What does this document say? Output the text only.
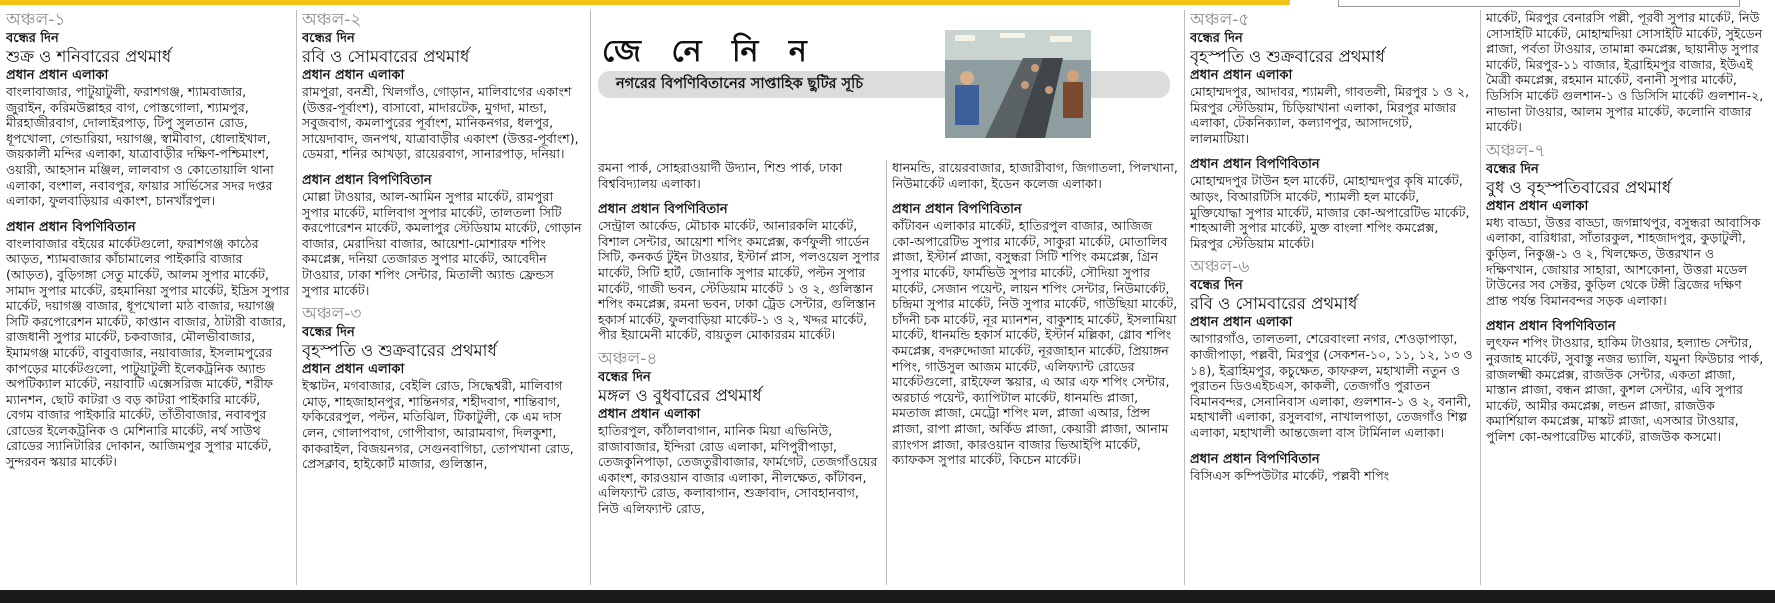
অঞ্চল-১
বন্ধের দিন
শুক্র ও শনিবারের প্রথমার্ধ
প্রধান প্রধান এলাকা
বাংলাবাজার, পাটুয়াটুলী, ফরাশগঞ্জ, শ্যামবাজার, জুরাইন, করিমউল্লাহর বাগ, পোস্তগোলা, শ্যামপুর, মীরহাজীরবাগ, দোলাইরপাড়, টিপু সুলতান রোড, ধূপখোলা, গেন্ডারিয়া, দয়াগঞ্জ, স্বামীবাগ, ধোলাইখাল, জয়কালী মন্দির এলাকা, যাত্রাবাড়ীর দক্ষিণ-পশ্চিমাংশ, ওয়ারী, আহসান মঞ্জিল, লালবাগ ও কোতোয়ালি থানা এলাকা, বংশাল, নবাবপুর, ফায়ার সার্ভিসের সদর দপ্তর এলাকা, ফুলবাড়িয়ার একাংশ, চানখাঁরপুল।
প্রধান প্রধান বিপণিবিতান
বাংলাবাজার বইয়ের মার্কেটগুলো, ফরাশগঞ্জ কাঠের আড়ত, শ্যামবাজার কাঁচামালের পাইকারি বাজার (আড়ত), বুড়িগঙ্গা সেতু মার্কেট, আলম সুপার মার্কেট, সামাদ সুপার মার্কেট, রহমানিয়া সুপার মার্কেট, ইদ্রিস সুপার মার্কেট, দয়াগঞ্জ বাজার, ধূপখোলা মাঠ বাজার, দয়াগঞ্জ সিটি করপোরেশন মার্কেট, কাপ্তান বাজার, ঠাটারী বাজার, রাজধানী সুপার মার্কেট, চকবাজার, মৌলভীবাজার, ইমামগঞ্জ মার্কেট, বাবুবাজার, নয়াবাজার, ইসলামপুরের কাপড়ের মার্কেটগুলো, পাটুয়াটুলী ইলেকট্রনিক অ্যান্ড অপটিক্যাল মার্কেট, নয়াবাটি এক্সেসরিজ মার্কেট, শরীফ ম্যানশন, ছোট কাটরা ও বড় কাটরা পাইকারি মার্কেট, বেগম বাজার পাইকারি মার্কেট, তাঁতীবাজার, নবাবপুর রোডের ইলেকট্রনিক ও মেশিনারি মার্কেট, নর্থ সাউথ রোডের স্যানিটারির দোকান, আজিমপুর সুপার মার্কেট, সুন্দরবন স্কয়ার মার্কেট।
অঞ্চল-২
বন্ধের দিন
রবি ও সোমবারের প্রথমার্ধ
প্রধান প্রধান এলাকা
রামপুরা, বনশ্রী, খিলগাঁও, গোড়ান, মালিবাগের একাংশ (উত্তর-পূর্বাংশ), বাসাবো, মাদারটেক, মুগদা, মান্ডা, সবুজবাগ, কমলাপুরের পূর্বাংশ, মানিকনগর, ধলপুর, সায়েদাবাদ, জনপথ, যাত্রাবাড়ীর একাংশ (উত্তর-পূর্বাংশ), ডেমরা, শনির আখড়া, রায়েরবাগ, সানারপাড়, দনিয়া।
প্রধান প্রধান বিপণিবিতান
মোল্লা টাওয়ার, আল-আমিন সুপার মার্কেট, রামপুরা সুপার মার্কেট, মালিবাগ সুপার মার্কেট, তালতলা সিটি করপোরেশন মার্কেট, কমলাপুর স্টেডিয়াম মার্কেট, গোড়ান বাজার, মেরাদিয়া বাজার, আয়েশা-মোশারফ শপিং কমপ্লেক্স, দনিয়া তেজারত সুপার মার্কেট, আবেদীন টাওয়ার, ঢাকা শপিং সেন্টার, মিতালী অ্যান্ড ফ্রেন্ডস সুপার মার্কেট।
অঞ্চল-৩
বন্ধের দিন
বৃহস্পতি ও শুক্রবারের প্রথমার্ধ
প্রধান প্রধান এলাকা
ইস্কাটন, মগবাজার, বেইলি রোড, সিদ্ধেশ্বরী, মালিবাগ মোড়, শাহজাহানপুর, শান্তিনগর, শহীদবাগ, শান্তিবাগ, ফকিরেরপুল, পল্টন, মতিঝিল, টিকাটুলী, কে এম দাস লেন, গোলাপবাগ, গোপীবাগ, আরামবাগ, দিলকুশা, কাকরাইল, বিজয়নগর, সেগুনবাগিচা, তোপখানা রোড, প্রেসক্লাব, হাইকোর্ট মাজার, গুলিস্তান,
জে নে নি ন
নগরের বিপণিবিতানের সাপ্তাহিক ছুটির সূচি
রমনা পার্ক, সোহরাওয়ার্দী উদ্যান, শিশু পার্ক, ঢাকা বিশ্ববিদ্যালয় এলাকা।
প্রধান প্রধান বিপণিবিতান
সেন্ট্রাল আর্কেড, মৌচাক মার্কেট, আনারকলি মার্কেট, বিশাল সেন্টার, আয়েশা শপিং কমপ্লেক্স, কর্ণফুলী গার্ডেন সিটি, কনকর্ড টুইন টাওয়ার, ইস্টার্ন প্লাস, পলওয়েল সুপার মার্কেট, সিটি হার্ট, জোনাকি সুপার মার্কেট, পল্টন সুপার মার্কেট, গাজী ভবন, স্টেডিয়াম মার্কেট ১ ও ২, গুলিস্তান শপিং কমপ্লেক্স, রমনা ভবন, ঢাকা ট্রেড সেন্টার, গুলিস্তান হকার্স মার্কেট, ফুলবাড়িয়া মার্কেট-১ ও ২, খদ্দর মার্কেট, পীর ইয়ামেনী মার্কেট, বায়তুল মোকাররম মার্কেট।
অঞ্চল-৪
বন্ধের দিন
মঙ্গল ও বুধবারের প্রথমার্ধ
প্রধান প্রধান এলাকা
হাতিরপুল, কাঁঠালবাগান, মানিক মিয়া এভিনিউ, রাজাবাজার, ইন্দিরা রোড এলাকা, মণিপুরীপাড়া, তেজকুনিপাড়া, তেজতুরীবাজার, ফার্মগেট, তেজগাঁওয়ের একাংশ, কারওয়ান বাজার এলাকা, নীলক্ষেত, কাঁটাবন, এলিফ্যান্ট রোড, কলাবাগান, শুক্রাবাদ, সোবহানবাগ, নিউ এলিফ্যান্ট রোড,
ধানমন্ডি, রায়েরবাজার, হাজারীবাগ, জিগাতলা, পিলখানা, নিউমার্কেট এলাকা, ইডেন কলেজ এলাকা।
প্রধান প্রধান বিপণিবিতান
কাঁটাবন এলাকার মার্কেট, হাতিরপুল বাজার, আজিজ কো-অপারেটিভ সুপার মার্কেট, সাকুরা মার্কেট, মোতালিব প্লাজা, ইস্টার্ন প্লাজা, বসুন্ধরা সিটি শপিং কমপ্লেক্স, গ্রিন সুপার মার্কেট, ফার্মভিউ সুপার মার্কেট, সৌদিয়া সুপার মার্কেট, সেজান পয়েন্ট, লায়ন শপিং সেন্টার, নিউমার্কেট, চন্দ্রিমা সুপার মার্কেট, নিউ সুপার মার্কেট, গাউছিয়া মার্কেট, চাঁদনী চক মার্কেট, নূর ম্যানশন, বাকুশাহ মার্কেট, ইসলামিয়া মার্কেট, ধানমন্ডি হকার্স মার্কেট, ইস্টার্ন মল্লিকা, গ্লোব শপিং কমপ্লেক্স, বদরুদ্দোজা মার্কেট, নূরজাহান মার্কেট, প্রিয়াঙ্গন শপিং, গাউসুল আজম মার্কেট, এলিফ্যান্ট রোডের মার্কেটগুলো, রাইফেল স্কয়ার, এ আর এফ শপিং সেন্টার, অরচার্ড পয়েন্ট, ক্যাপিটাল মার্কেট, ধানমন্ডি প্লাজা, মমতাজ প্লাজা, মেট্রো শপিং মল, প্লাজা এআর, প্রিন্স প্লাজা, রাপা প্লাজা, অর্কিড প্লাজা, কেয়ারী প্লাজা, আনাম র‍্যাংগস প্লাজা, কারওয়ান বাজার ভিআইপি মার্কেট, ক্যাফকস সুপার মার্কেট, কিচেন মার্কেট।
অঞ্চল-৫
বন্ধের দিন
বৃহস্পতি ও শুক্রবারের প্রথমার্ধ
প্রধান প্রধান এলাকা
মোহাম্মদপুর, আদাবর, শ্যামলী, গাবতলী, মিরপুর ১ ও ২, মিরপুর স্টেডিয়াম, চিড়িয়াখানা এলাকা, মিরপুর মাজার এলাকা, টেকনিক্যাল, কল্যাণপুর, আসাদগেট, লালমাটিয়া।
প্রধান প্রধান বিপণিবিতান
মোহাম্মদপুর টাউন হল মার্কেট, মোহাম্মদপুর কৃষি মার্কেট, আড়ং, বিআরটিসি মার্কেট, শ্যামলী হল মার্কেট, মুক্তিযোদ্ধা সুপার মার্কেট, মাজার কো-অপারেটিভ মার্কেট, শাহআলী সুপার মার্কেট, মুক্ত বাংলা শপিং কমপ্লেক্স, মিরপুর স্টেডিয়াম মার্কেট।
অঞ্চল-৬
বন্ধের দিন
রবি ও সোমবারের প্রথমার্ধ
প্রধান প্রধান এলাকা
আগারগাঁও, তালতলা, শেরেবাংলা নগর, শেওড়াপাড়া, কাজীপাড়া, পল্লবী, মিরপুর (সেকশন-১০, ১১, ১২, ১৩ ও ১৪), ইব্রাহিমপুর, কচুক্ষেত, কাফরুল, মহাখালী নতুন ও পুরাতন ডিওএইচএস, কাকলী, তেজগাঁও পুরাতন বিমানবন্দর, সেনানিবাস এলাকা, গুলশান-১ ও ২, বনানী, মহাখালী এলাকা, রসুলবাগ, নাখালপাড়া, তেজগাঁও শিল্প এলাকা, মহাখালী আন্তজেলা বাস টার্মিনাল এলাকা।
প্রধান প্রধান বিপণিবিতান
বিসিএস কম্পিউটার মার্কেট, পল্লবী শপিং
মার্কেট, মিরপুর বেনারসি পল্লী, পূরবী সুপার মার্কেট, নিউ সোসাইটি মার্কেট, মোহাম্মদিয়া সোসাইটি মার্কেট, সুইডেন প্লাজা, পর্বতা টাওয়ার, তামান্না কমপ্লেক্স, ছায়ানীড় সুপার মার্কেট, মিরপুর-১১ বাজার, ইব্রাহিমপুর বাজার, ইউএই মৈত্রী কমপ্লেক্স, রহমান মার্কেট, বনানী সুপার মার্কেট, ডিসিসি মার্কেট গুলশান-১ ও ডিসিসি মার্কেট গুলশান-২, নাভানা টাওয়ার, আলম সুপার মার্কেট, কলোনি বাজার মার্কেট।
অঞ্চল-৭
বন্ধের দিন
বুধ ও বৃহস্পতিবারের প্রথমার্ধ
প্রধান প্রধান এলাকা
মধ্য বাড্ডা, উত্তর বাড্ডা, জগন্নাথপুর, বসুন্ধরা আবাসিক এলাকা, বারিধারা, সাঁতারকুল, শাহজাদপুর, কুড়াটুলী, কুড়িল, নিকুঞ্জ-১ ও ২, খিলক্ষেত, উত্তরখান ও দক্ষিণখান, জোয়ার সাহারা, আশকোনা, উত্তরা মডেল টাউনের সব সেক্টর, কুড়িল থেকে টঙ্গী ব্রিজের দক্ষিণ প্রান্ত পর্যন্ত বিমানবন্দর সড়ক এলাকা।
প্রধান প্রধান বিপণিবিতান
লুৎফন শপিং টাওয়ার, হাকিম টাওয়ার, হল্যান্ড সেন্টার, নুরজাহ মার্কেট, সুবাস্তু নজর ভ্যালি, যমুনা ফিউচার পার্ক, রাজলক্ষ্মী কমপ্লেক্স, রাজউক সেন্টার, একতা প্লাজা, মাস্তান প্লাজা, বন্ধন প্লাজা, কুশল সেন্টার, এবি সুপার মার্কেট, আমীর কমপ্লেক্স, লন্ডন প্লাজা, রাজউক কমার্শিয়াল কমপ্লেক্স, মাস্কট প্লাজা, এসআর টাওয়ার, পুলিশ কো-অপারেটিভ মার্কেট, রাজউক কসমো।
